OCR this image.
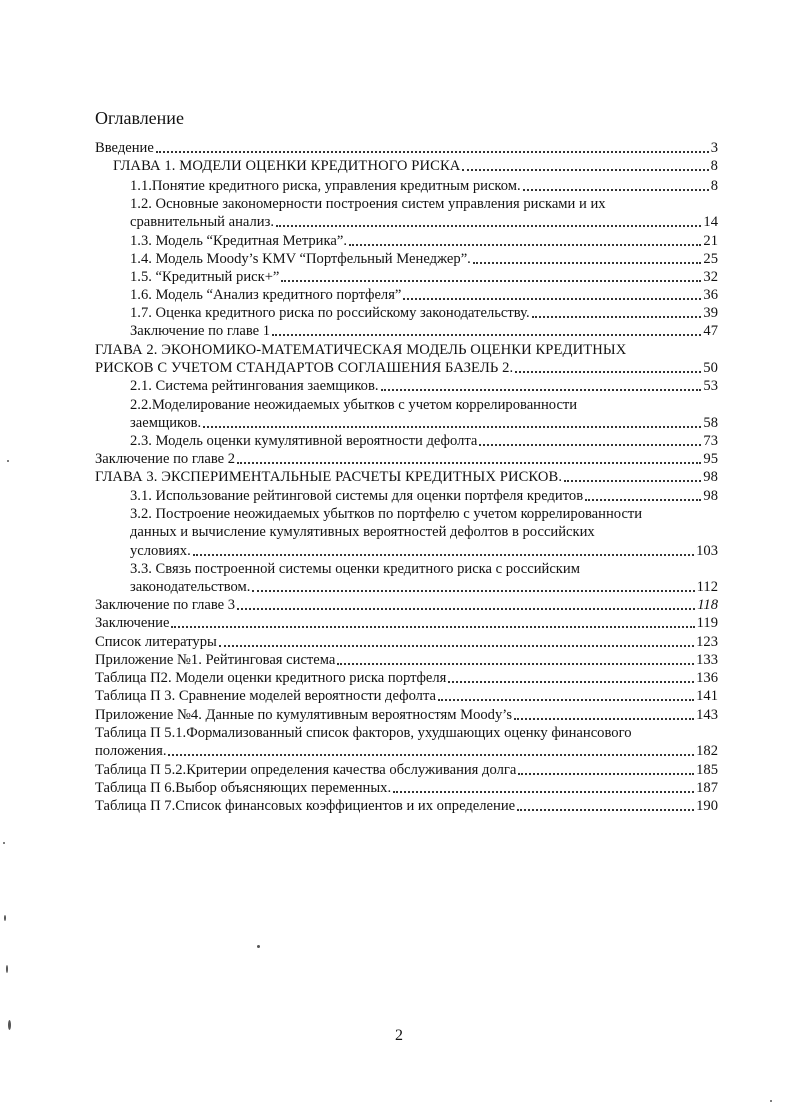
Оглавление
Введение	3
ГЛАВА 1. МОДЕЛИ ОЦЕНКИ КРЕДИТНОГО РИСКА	8
1.1.Понятие кредитного риска, управления кредитным риском.	8
1.2. Основные закономерности построения систем управления рисками и их
сравнительный анализ.	14
1.3. Модель “Кредитная Метрика”.	21
1.4. Модель Moody’s KMV “Портфельный Менеджер”.	25
1.5. “Кредитный риск+”	32
1.6. Модель “Анализ кредитного портфеля”	36
1.7. Оценка кредитного риска по российскому законодательству.	39
Заключение по главе 1	47
ГЛАВА 2. ЭКОНОМИКО-МАТЕМАТИЧЕСКАЯ МОДЕЛЬ ОЦЕНКИ КРЕДИТНЫХ
РИСКОВ С УЧЕТОМ СТАНДАРТОВ СОГЛАШЕНИЯ БАЗЕЛЬ 2.	50
2.1. Система рейтингования заемщиков.	53
2.2.Моделирование неожидаемых убытков с учетом коррелированности
заемщиков.	58
2.3. Модель оценки кумулятивной вероятности дефолта	73
Заключение по главе 2	95
ГЛАВА 3. ЭКСПЕРИМЕНТАЛЬНЫЕ РАСЧЕТЫ КРЕДИТНЫХ РИСКОВ.	98
3.1. Использование рейтинговой системы для оценки портфеля кредитов	98
3.2. Построение неожидаемых убытков по портфелю с учетом коррелированности
данных и вычисление кумулятивных вероятностей дефолтов в российских
условиях.	103
3.3. Связь построенной системы оценки кредитного риска с российским
законодательством.	112
Заключение по главе 3	118
Заключение	119
Список литературы	123
Приложение №1. Рейтинговая система	133
Таблица П2. Модели оценки кредитного риска портфеля	136
Таблица П 3. Сравнение моделей вероятности дефолта	141
Приложение №4. Данные по кумулятивным вероятностям Moody’s	143
Таблица П 5.1.Формализованный список факторов, ухудшающих оценку финансового
положения.	182
Таблица П 5.2.Критерии определения качества обслуживания долга	185
Таблица П 6.Выбор объясняющих переменных.	187
Таблица П 7.Список финансовых коэффициентов и их определение	190
2
